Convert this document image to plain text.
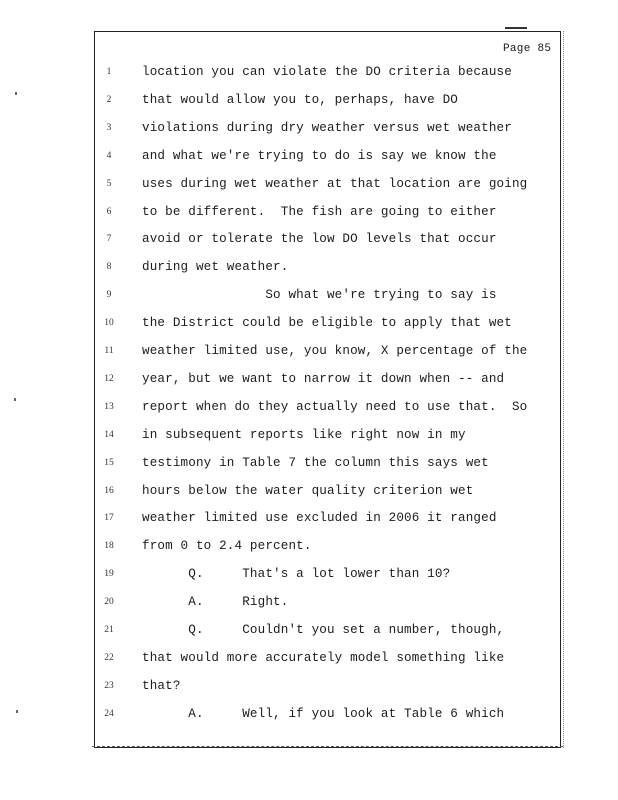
Page 85
1	location you can violate the DO criteria because
2	that would allow you to, perhaps, have DO
3	violations during dry weather versus wet weather
4	and what we're trying to do is say we know the
5	uses during wet weather at that location are going
6	to be different.  The fish are going to either
7	avoid or tolerate the low DO levels that occur
8	during wet weather.
9	So what we're trying to say is
10	the District could be eligible to apply that wet
11	weather limited use, you know, X percentage of the
12	year, but we want to narrow it down when -- and
13	report when do they actually need to use that.  So
14	in subsequent reports like right now in my
15	testimony in Table 7 the column this says wet
16	hours below the water quality criterion wet
17	weather limited use excluded in 2006 it ranged
18	from 0 to 2.4 percent.
19	Q.     That's a lot lower than 10?
20	A.     Right.
21	Q.     Couldn't you set a number, though,
22	that would more accurately model something like
23	that?
24	A.     Well, if you look at Table 6 which
